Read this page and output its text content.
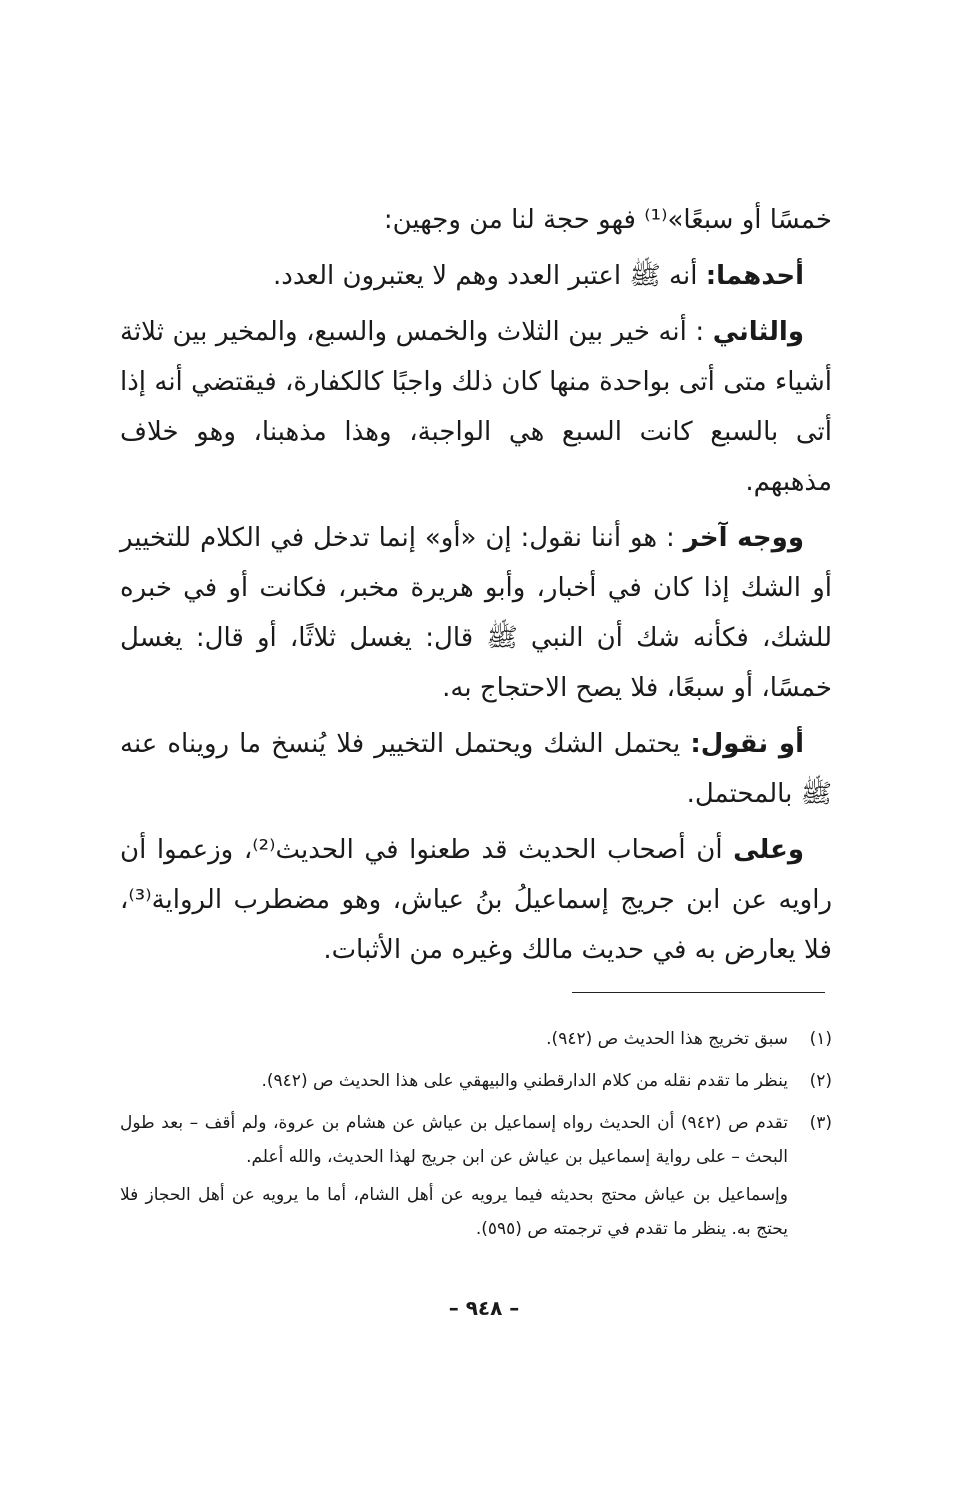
خمسًا أو سبعًا»⁽¹⁾ فهو حجة لنا من وجهين:

أحدهما: أنه ﷺ اعتبر العدد وهم لا يعتبرون العدد.

والثاني : أنه خير بين الثلاث والخمس والسبع، والمخير بين ثلاثة أشياء متى أتى بواحدة منها كان ذلك واجبًا كالكفارة، فيقتضي أنه إذا أتى بالسبع كانت السبع هي الواجبة، وهذا مذهبنا، وهو خلاف مذهبهم.

ووجه آخر : هو أننا نقول: إن «أو» إنما تدخل في الكلام للتخيير أو الشك إذا كان في أخبار، وأبو هريرة مخبر، فكانت أو في خبره للشك، فكأنه شك أن النبي ﷺ قال: يغسل ثلاثًا، أو قال: يغسل خمسًا، أو سبعًا، فلا يصح الاحتجاج به.

أو نقول: يحتمل الشك ويحتمل التخيير فلا يُنسخ ما رويناه عنه ﷺ بالمحتمل.

وعلى أن أصحاب الحديث قد طعنوا في الحديث⁽²⁾، وزعموا أن راويه عن ابن جريج إسماعيلُ بنُ عياش، وهو مضطرب الرواية⁽³⁾، فلا يعارض به في حديث مالك وغيره من الأثبات.

(١)
سبق تخريج هذا الحديث ص (٩٤٢).
(٢)
ينظر ما تقدم نقله من كلام الدارقطني والبيهقي على هذا الحديث ص (٩٤٢).
(٣)
تقدم ص (٩٤٢) أن الحديث رواه إسماعيل بن عياش عن هشام بن عروة، ولم أقف – بعد طول البحث – على رواية إسماعيل بن عياش عن ابن جريج لهذا الحديث، والله أعلم.
وإسماعيل بن عياش محتج بحديثه فيما يرويه عن أهل الشام، أما ما يرويه عن أهل الحجاز فلا يحتج به. ينظر ما تقدم في ترجمته ص (٥٩٥).
– ٩٤٨ –
